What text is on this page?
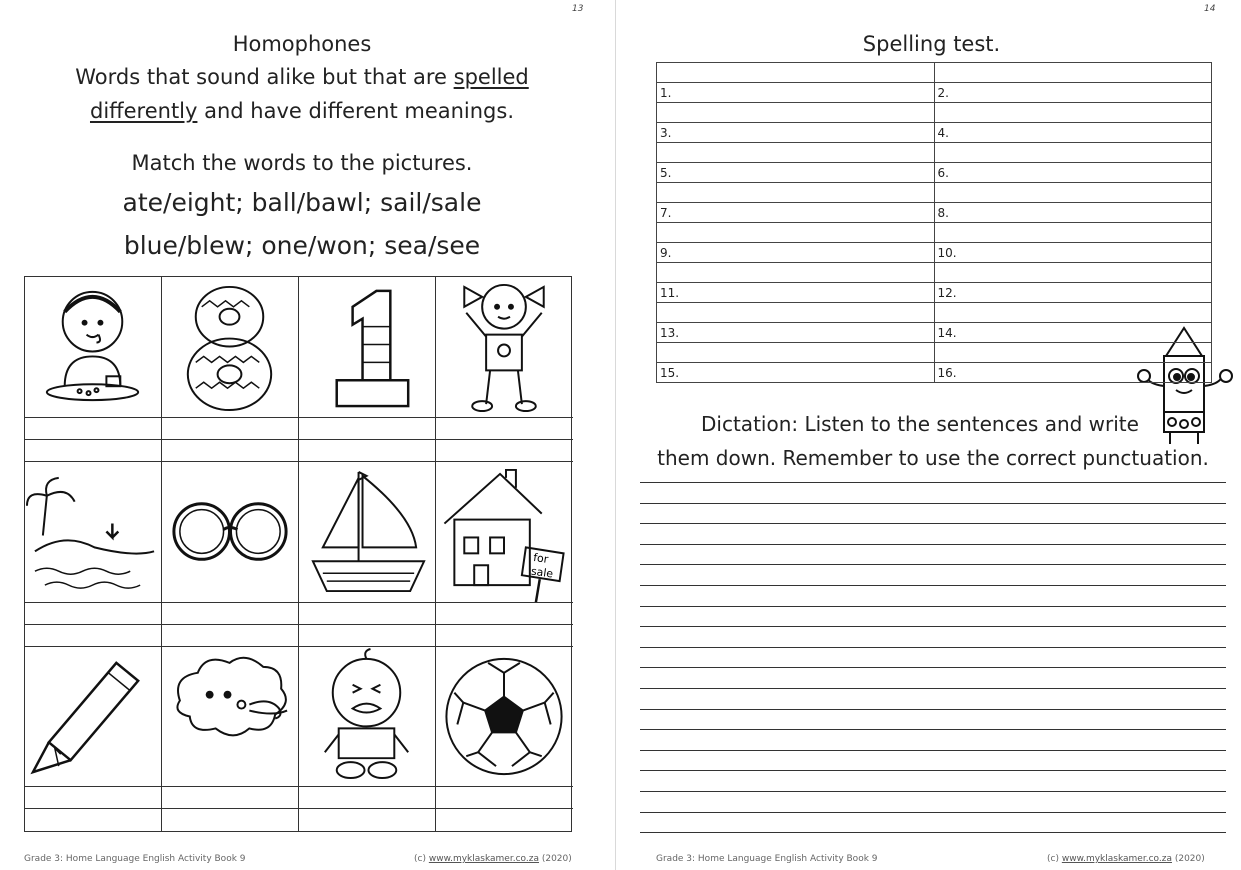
13
Homophones
Words that sound alike but that are spelled
differently and have different meanings.
Match the words to the pictures.
ate/eight; ball/bawl; sail/sale
blue/blew; one/won; sea/see
for
sale
Grade 3: Home Language English Activity Book 9	(c) www.myklaskamer.co.za (2020)
14
Spelling test.
Dictation: Listen to the sentences and write
them down. Remember to use the correct punctuation.
Grade 3: Home Language English Activity Book 9	(c) www.myklaskamer.co.za (2020)

1.	2.

3.	4.

5.	6.

7.	8.

9.	10.

11.	12.

13.	14.

15.	16.
